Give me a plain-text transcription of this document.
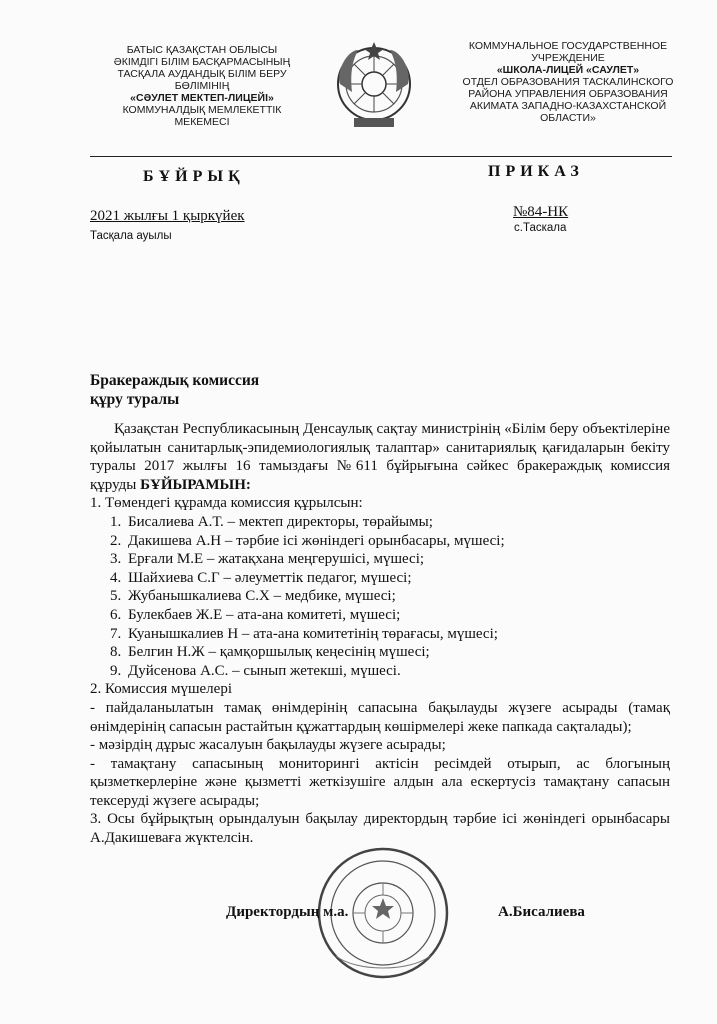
БАТЫС ҚАЗАҚСТАН ОБЛЫСЫ
ӘКІМДІГІ БІЛІМ БАСҚАРМАСЫНЫҢ
ТАСҚАЛА АУДАНДЫҚ БІЛІМ БЕРУ
БӨЛІМІНІҢ
«СӘУЛЕТ МЕКТЕП-ЛИЦЕЙІ»
КОММУНАЛДЫҚ МЕМЛЕКЕТТІК
МЕКЕМЕСІ
КОММУНАЛЬНОЕ ГОСУДАРСТВЕННОЕ
УЧРЕЖДЕНИЕ
«ШКОЛА-ЛИЦЕЙ «САУЛЕТ»
ОТДЕЛ ОБРАЗОВАНИЯ ТАСКАЛИНСКОГО
РАЙОНА УПРАВЛЕНИЯ ОБРАЗОВАНИЯ
АКИМАТА ЗАПАДНО-КАЗАХСТАНСКОЙ
ОБЛАСТИ»
БҰЙРЫҚ	ПРИКАЗ
2021 жылғы 1 қыркүйек
Тасқала ауылы
№84-НК
с.Таскала
Бракераждық комиссия
құру туралы
Қазақстан Республикасының Денсаулық сақтау министрінің «Білім беру объектілеріне қойылатын санитарлық-эпидемиологиялық талаптар» санитариялық қағидаларын бекіту туралы 2017 жылғы 16 тамыздағы №611 бұйрығына сәйкес бракераждық комиссия құруды БҰЙЫРАМЫН:
1. Төмендегі құрамда комиссия құрылсын:
1. Бисалиева А.Т. – мектеп директоры, төрайымы;
2. Дакишева А.Н – тәрбие ісі жөніндегі орынбасары, мүшесі;
3. Ерғали М.Е – жатақхана меңгерушісі, мүшесі;
4. Шайхиева С.Г – әлеуметтік педагог, мүшесі;
5. Жубанышкалиева С.Х – медбике, мүшесі;
6. Булекбаев Ж.Е – ата-ана комитеті, мүшесі;
7. Куанышкалиев Н – ата-ана комитетінің төрағасы, мүшесі;
8. Белгин Н.Ж – қамқоршылық кеңесінің мүшесі;
9. Дуйсенова А.С. – сынып жетекші, мүшесі.
2. Комиссия мүшелері
- пайдаланылатын тамақ өнімдерінің сапасына бақылауды жүзеге асырады (тамақ өнімдерінің сапасын растайтын құжаттардың көшірмелері жеке папкада сақталады);
- мәзірдің дұрыс жасалуын бақылауды жүзеге асырады;
- тамақтану сапасының мониторингі актісін ресімдей отырып, ас блогының қызметкерлеріне және қызметті жеткізушіге алдын ала ескертусіз тамақтану сапасын тексеруді жүзеге асырады;
3. Осы бұйрықтың орындалуын бақылау директордың тәрбие ісі жөніндегі орынбасары А.Дакишеваға жүктелсін.
Директордың м.а.	А.Бисалиева
